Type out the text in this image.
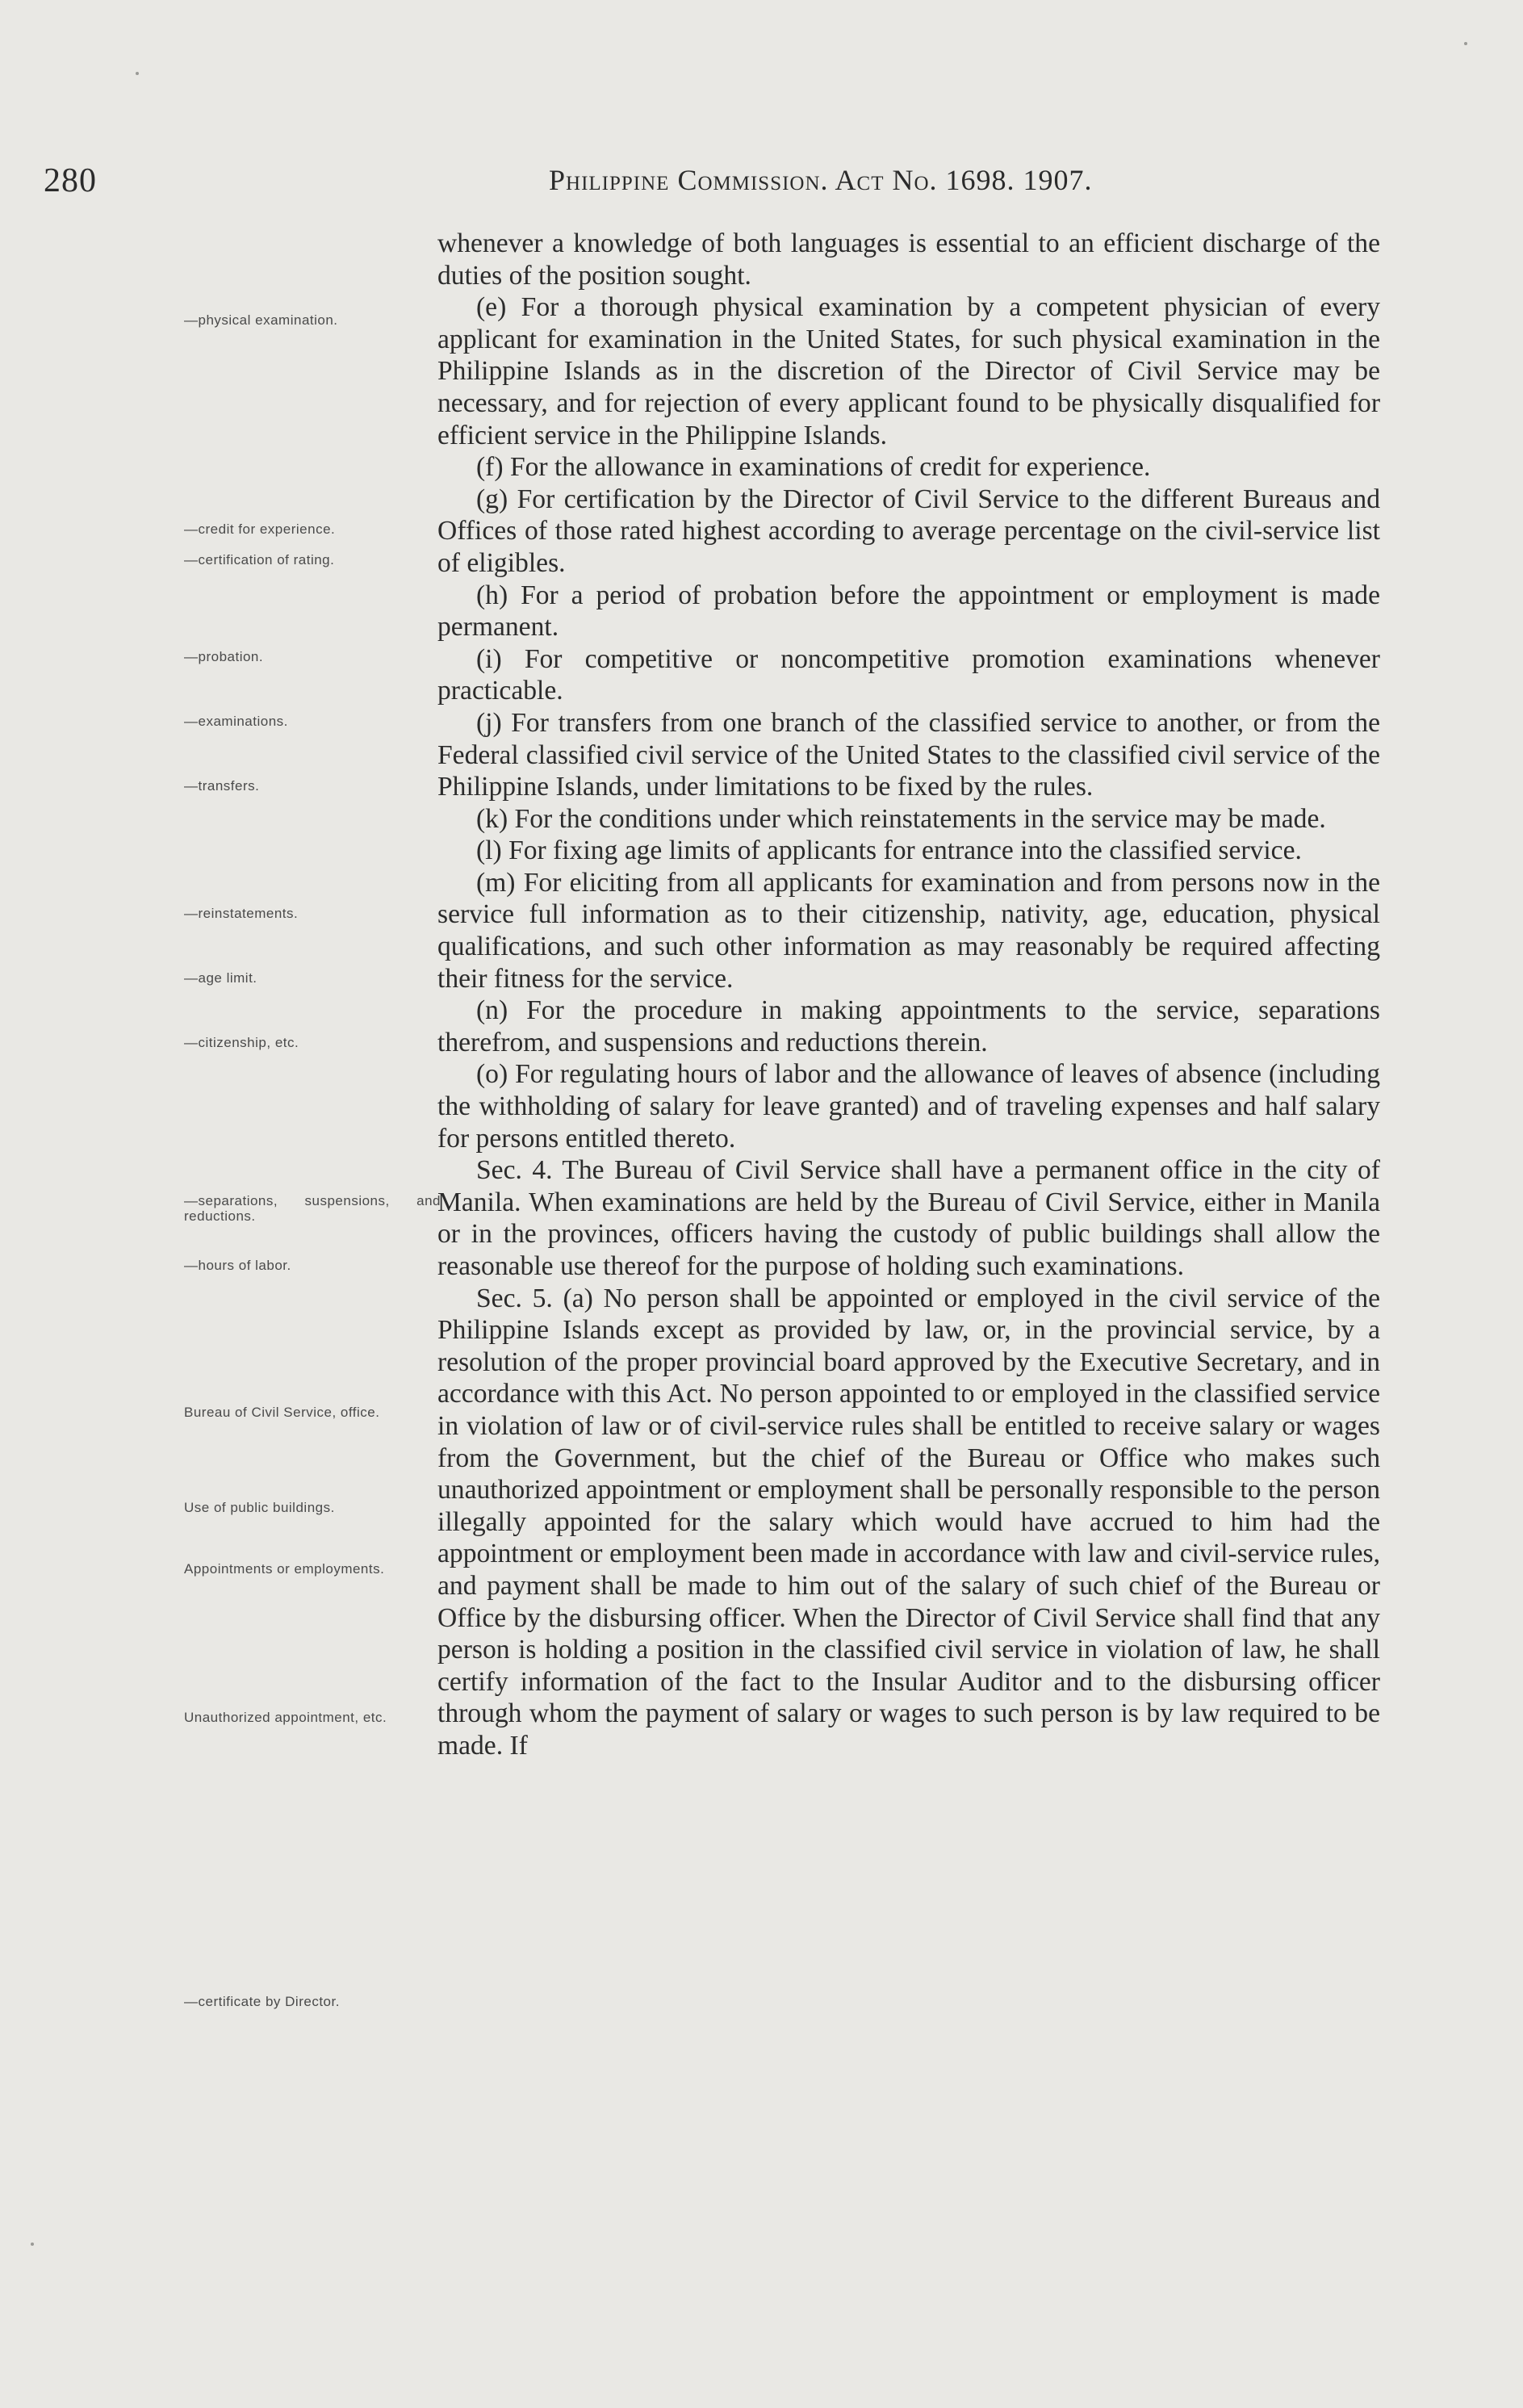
280	Philippine Commission. Act No. 1698. 1907.

whenever a knowledge of both languages is essential to an efficient discharge of the duties of the position sought.

(e) For a thorough physical examination by a competent physician of every applicant for examination in the United States, for such physical examination in the Philippine Islands as in the discretion of the Director of Civil Service may be necessary, and for rejection of every applicant found to be physically disqualified for efficient service in the Philippine Islands.

(f) For the allowance in examinations of credit for experience.

(g) For certification by the Director of Civil Service to the different Bureaus and Offices of those rated highest according to average percentage on the civil-service list of eligibles.

(h) For a period of probation before the appointment or employment is made permanent.

(i) For competitive or noncompetitive promotion examinations whenever practicable.

(j) For transfers from one branch of the classified service to another, or from the Federal classified civil service of the United States to the classified civil service of the Philippine Islands, under limitations to be fixed by the rules.

(k) For the conditions under which reinstatements in the service may be made.

(l) For fixing age limits of applicants for entrance into the classified service.

(m) For eliciting from all applicants for examination and from persons now in the service full information as to their citizenship, nativity, age, education, physical qualifications, and such other information as may reasonably be required affecting their fitness for the service.

(n) For the procedure in making appointments to the service, separations therefrom, and suspensions and reductions therein.

(o) For regulating hours of labor and the allowance of leaves of absence (including the withholding of salary for leave granted) and of traveling expenses and half salary for persons entitled thereto.

Sec. 4. The Bureau of Civil Service shall have a permanent office in the city of Manila. When examinations are held by the Bureau of Civil Service, either in Manila or in the provinces, officers having the custody of public buildings shall allow the reasonable use thereof for the purpose of holding such examinations.

Sec. 5. (a) No person shall be appointed or employed in the civil service of the Philippine Islands except as provided by law, or, in the provincial service, by a resolution of the proper provincial board approved by the Executive Secretary, and in accordance with this Act. No person appointed to or employed in the classified service in violation of law or of civil-service rules shall be entitled to receive salary or wages from the Government, but the chief of the Bureau or Office who makes such unauthorized appointment or employment shall be personally responsible to the person illegally appointed for the salary which would have accrued to him had the appointment or employment been made in accordance with law and civil-service rules, and payment shall be made to him out of the salary of such chief of the Bureau or Office by the disbursing officer. When the Director of Civil Service shall find that any person is holding a position in the classified civil service in violation of law, he shall certify information of the fact to the Insular Auditor and to the disbursing officer through whom the payment of salary or wages to such person is by law required to be made. If

—physical examination.
—credit for experience.
—certification of rating.
—probation.
—examinations.
—transfers.
—reinstatements.
—age limit.
—citizenship, etc.
—separations, suspensions, and reductions.
—hours of labor.
Bureau of Civil Service, office.
Use of public buildings.
Appointments or employments.
Unauthorized appointment, etc.
—certificate by Director.
